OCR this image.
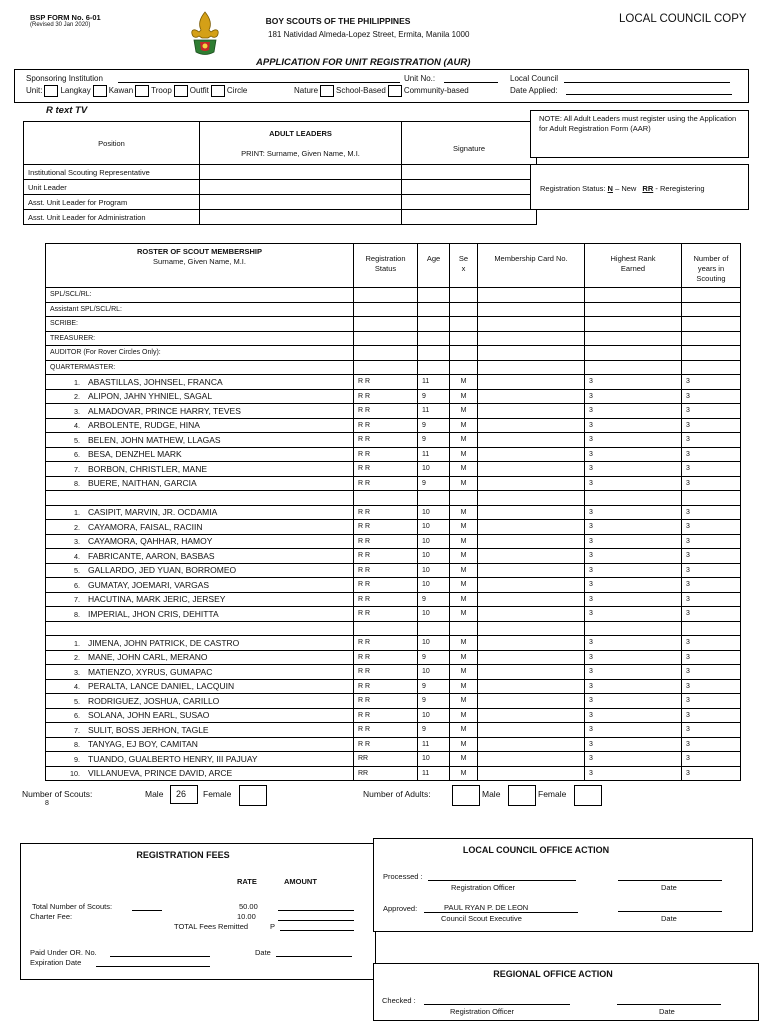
BSP FORM No. 6-01
(Revised 30 Jan 2020)	BOY SCOUTS OF THE PHILIPPINES
181 Natividad Almeda-Lopez Street, Ermita, Manila 1000
LOCAL COUNCIL COPY
APPLICATION FOR UNIT REGISTRATION (AUR)
Sponsoring Institution	Unit No.:	Local Council
Unit: Langkay Kawan Troop Outfit Circle	Nature School-Based Community-based	Date Applied:
R text TV
Position	ADULT LEADERS
PRINT: Surname, Given Name, M.I.	Signature
Institutional Scouting Representative		
Unit Leader		
Asst. Unit Leader for Program		
Asst. Unit Leader for Administration		
NOTE: All Adult Leaders must register using the Application for Adult Registration Form (AAR)
Registration Status: N – New RR - Reregistering
ROSTER OF SCOUT MEMBERSHIP
Surname, Given Name, M.I.	Registration Status	Age	Se x	Membership Card No.	Highest Rank Earned	Number of years in Scouting
SPL/SCL/RL:						
Assistant SPL/SCL/RL:						
SCRIBE:						
TREASURER:						
AUDITOR (For Rover Circles Only):						
QUARTERMASTER:						
1. ABASTILLAS, JOHNSEL, FRANCA	R R	11	M		3	3
2. ALIPON, JAHN YHNIEL, SAGAL	R R	9	M		3	3
3. ALMADOVAR, PRINCE HARRY, TEVES	R R	11	M		3	3
4. ARBOLENTE, RUDGE, HINA	R R	9	M		3	3
5. BELEN, JOHN MATHEW, LLAGAS	R R	9	M		3	3
6. BESA, DENZHEL MARK	R R	11	M		3	3
7. BORBON, CHRISTLER, MANE	R R	10	M		3	3
8. BUERE, NAITHAN, GARCIA	R R	9	M		3	3

1. CASIPIT, MARVIN, JR. OCDAMIA	R R	10	M		3	3
2. CAYAMORA, FAISAL, RACIIN	R R	10	M		3	3
3. CAYAMORA, QAHHAR, HAMOY	R R	10	M		3	3
4. FABRICANTE, AARON, BASBAS	R R	10	M		3	3
5. GALLARDO, JED YUAN, BORROMEO	R R	10	M		3	3
6. GUMATAY, JOEMARI, VARGAS	R R	10	M		3	3
7. HACUTINA, MARK JERIC, JERSEY	R R	9	M		3	3
8. IMPERIAL, JHON CRIS, DEHITTA	R R	10	M		3	3

1. JIMENA, JOHN PATRICK, DE CASTRO	R R	10	M		3	3
2. MANE, JOHN CARL, MERANO	R R	9	M		3	3
3. MATIENZO, XYRUS, GUMAPAC	R R	10	M		3	3
4. PERALTA, LANCE DANIEL, LACQUIN	R R	9	M		3	3
5. RODRIGUEZ, JOSHUA, CARILLO	R R	9	M		3	3
6. SOLANA, JOHN EARL, SUSAO	R R	10	M		3	3
7. SULIT, BOSS JERHON, TAGLE	R R	9	M		3	3
8. TANYAG, EJ BOY, CAMITAN	R R	11	M		3	3
9. TUANDO, GUALBERTO HENRY, III PAJUAY	RR	10	M		3	3
10. VILLANUEVA, PRINCE DAVID, ARCE	RR	11	M		3	3
Number of Scouts:	Male	26	Female
8
Number of Adults:	Male	Female
REGISTRATION FEES
RATE	AMOUNT
Total Number of Scouts:	50.00
Charter Fee:	10.00
TOTAL Fees Remitted	P
Paid Under OR. No.	Date
Expiration Date
LOCAL COUNCIL OFFICE ACTION
Processed :
Registration Officer	Date
Approved:	PAUL RYAN P. DE LEON
Council Scout Executive	Date
REGIONAL OFFICE ACTION
Checked :
Registration Officer	Date
